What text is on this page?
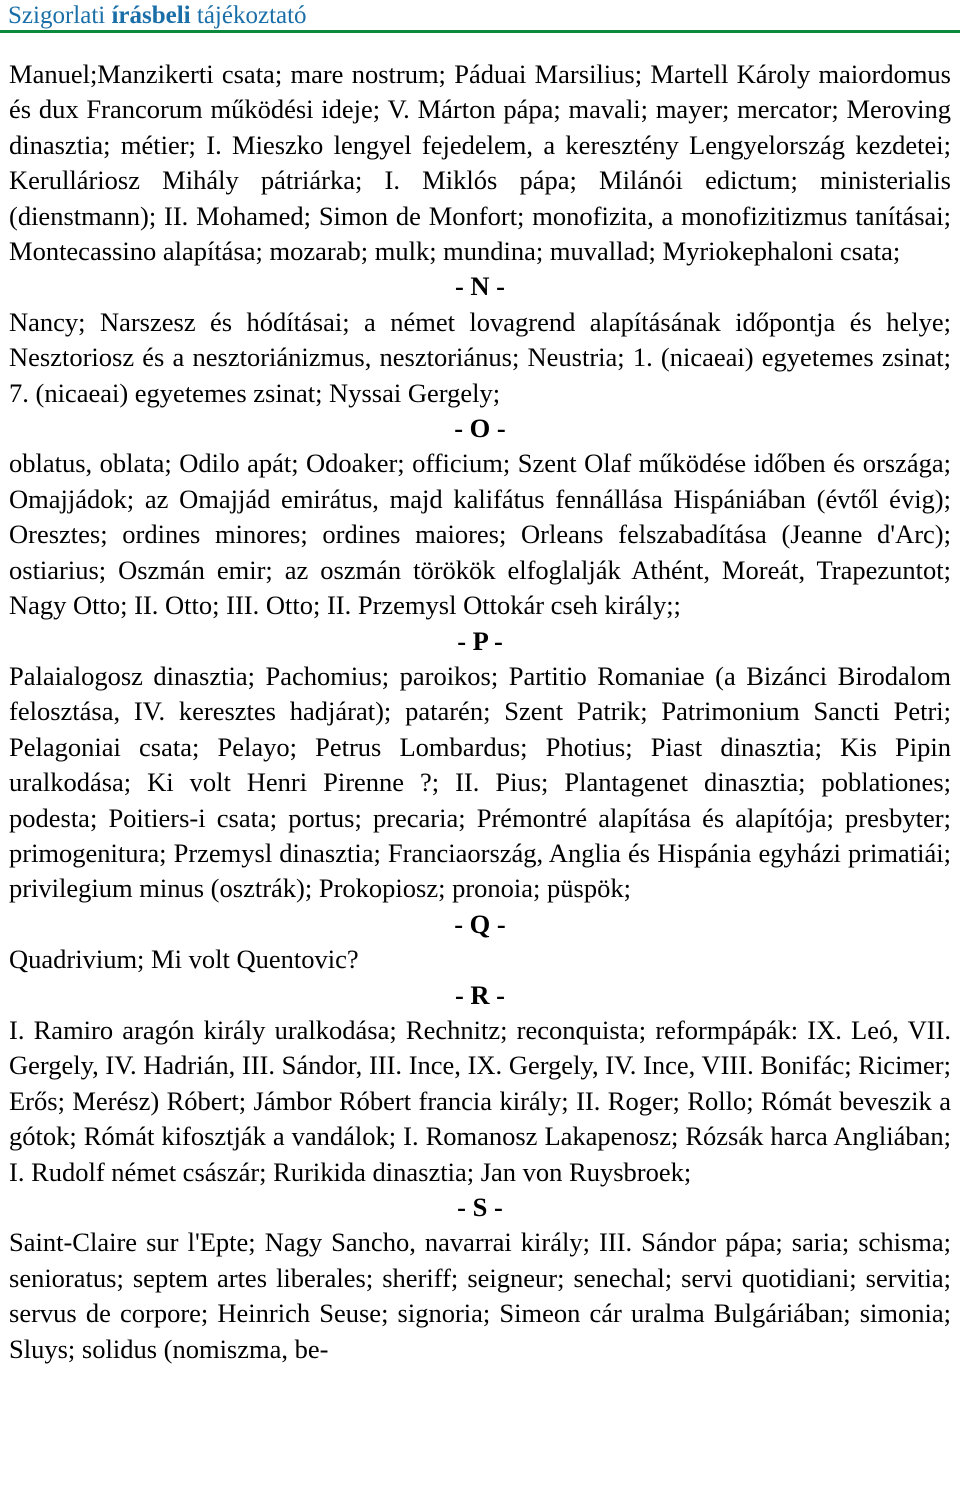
Szigorlati írásbeli tájékoztató

Manuel;Manzikerti csata; mare nostrum; Páduai Marsilius; Martell Károly maiordomus és dux Francorum működési ideje; V. Márton pápa; mavali; mayer; mercator; Meroving dinasztia; métier; I. Mieszko lengyel fejedelem, a keresztény Lengyelország kezdetei; Kerulláriosz Mihály pátriárka; I. Miklós pápa; Milánói edictum; ministerialis (dienstmann); II. Mohamed; Simon de Monfort; monofizita, a monofizitizmus tanításai; Montecassino alapítása; mozarab; mulk; mundina; muvallad; Myriokephaloni csata;

- N -

Nancy; Narszesz és hódításai; a német lovagrend alapításának időpontja és helye; Nesztoriosz és a nesztoriánizmus, nesztoriánus; Neustria; 1. (nicaeai) egyetemes zsinat; 7. (nicaeai) egyetemes zsinat; Nyssai Gergely;

- O -

oblatus, oblata; Odilo apát; Odoaker; officium; Szent Olaf működése időben és országa; Omajjádok; az Omajjád emirátus, majd kalifátus fennállása Hispániában (évtől évig); Oresztes; ordines minores; ordines maiores; Orleans felszabadítása (Jeanne d'Arc); ostiarius; Oszmán emir; az oszmán törökök elfoglalják Athént, Moreát, Trapezuntot; Nagy Otto; II. Otto; III. Otto; II. Przemysl Ottokár cseh király;;

- P -

Palaialogosz dinasztia; Pachomius; paroikos; Partitio Romaniae (a Bizánci Birodalom felosztása, IV. keresztes hadjárat); patarén; Szent Patrik; Patrimonium Sancti Petri; Pelagoniai csata; Pelayo; Petrus Lombardus; Photius; Piast dinasztia; Kis Pipin uralkodása; Ki volt Henri Pirenne ?; II. Pius; Plantagenet dinasztia; poblationes; podesta; Poitiers-i csata; portus; precaria; Prémontré alapítása és alapítója; presbyter; primogenitura; Przemysl dinasztia; Franciaország, Anglia és Hispánia egyházi primatiái; privilegium minus (osztrák); Prokopiosz; pronoia; püspök;

- Q -

Quadrivium; Mi volt Quentovic?

- R -

I. Ramiro aragón király uralkodása; Rechnitz; reconquista; reformpápák: IX. Leó, VII. Gergely, IV. Hadrián, III. Sándor, III. Ince, IX. Gergely, IV. Ince, VIII. Bonifác; Ricimer; Erős; Merész) Róbert; Jámbor Róbert francia király; II. Roger; Rollo; Rómát beveszik a gótok; Rómát kifosztják a vandálok; I. Romanosz Lakapenosz; Rózsák harca Angliában; I. Rudolf német császár; Rurikida dinasztia; Jan von Ruysbroek;

- S -

Saint-Claire sur l'Epte; Nagy Sancho, navarrai király; III. Sándor pápa; saria; schisma; senioratus; septem artes liberales; sheriff; seigneur; senechal; servi quotidiani; servitia; servus de corpore; Heinrich Seuse; signoria; Simeon cár uralma Bulgáriában; simonia; Sluys; solidus (nomiszma, be-
